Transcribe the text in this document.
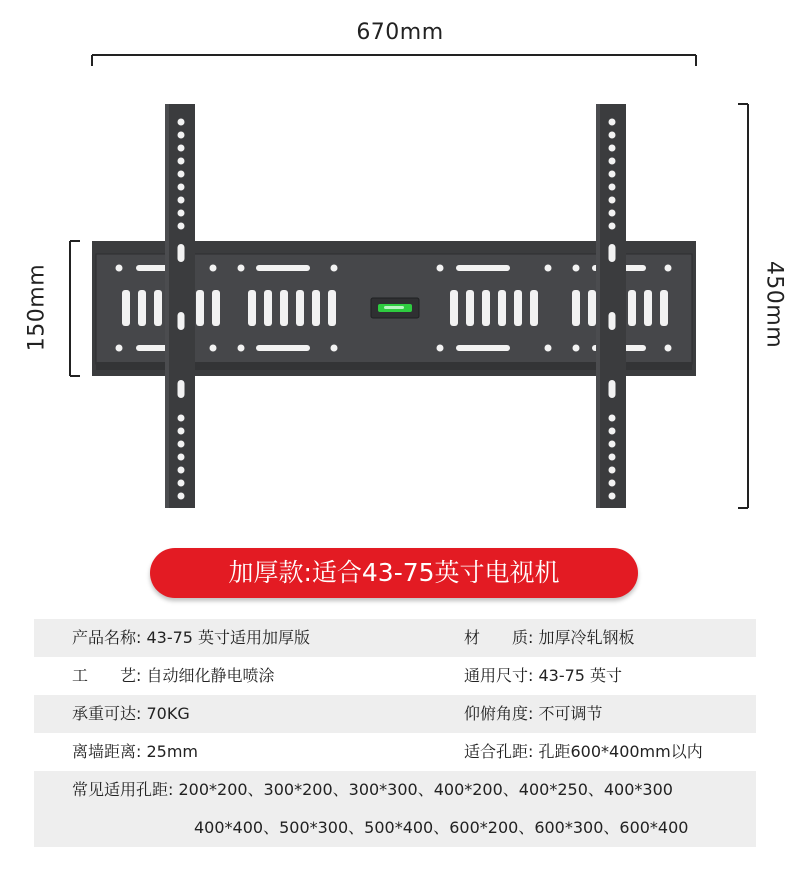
670mm
150mm	450mm
加厚款:适合43-75英寸电视机
产品名称: 43-75 英寸适用加厚版	材　　质: 加厚冷轧钢板
工　　艺: 自动细化静电喷涂	通用尺寸: 43-75 英寸
承重可达: 70KG	仰俯角度: 不可调节
离墙距离: 25mm	适合孔距: 孔距600*400mm以内
常见适用孔距: 200*200、300*200、300*300、400*200、400*250、400*300
400*400、500*300、500*400、600*200、600*300、600*400
